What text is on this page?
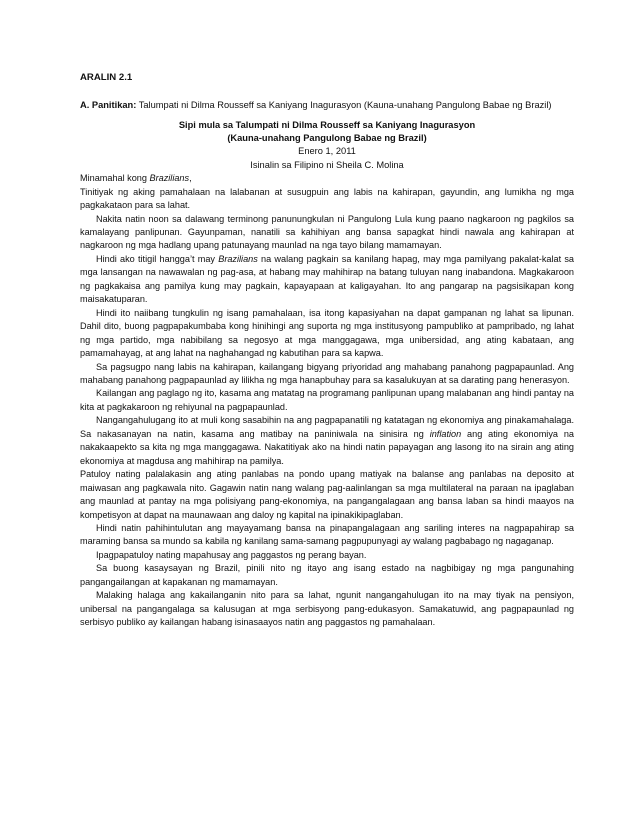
ARALIN 2.1
A. Panitikan: Talumpati ni Dilma Rousseff sa Kaniyang Inagurasyon (Kauna-unahang Pangulong Babae ng Brazil)
Sipi mula sa Talumpati ni Dilma Rousseff sa Kaniyang Inagurasyon
(Kauna-unahang Pangulong Babae ng Brazil)
Enero 1, 2011
Isinalin sa Filipino ni Sheila C. Molina

Minamahal kong Brazilians,

Tinitiyak ng aking pamahalaan na lalabanan at susugpuin ang labis na kahirapan, gayundin, ang lumikha ng mga pagkakataon para sa lahat.

Nakita natin noon sa dalawang terminong panunungkulan ni Pangulong Lula kung paano nagkaroon ng pagkilos sa kamalayang panlipunan. Gayunpaman, nanatili sa kahihiyan ang bansa sapagkat hindi nawala ang kahirapan at nagkaroon ng mga hadlang upang patunayang maunlad na nga tayo bilang mamamayan.

Hindi ako titigil hangga’t may Brazilians na walang pagkain sa kanilang hapag, may mga pamilyang pakalat-kalat sa mga lansangan na nawawalan ng pag-asa, at habang may mahihirap na batang tuluyan nang inabandona. Magkakaroon ng pagkakaisa ang pamilya kung may pagkain, kapayapaan at kaligayahan. Ito ang pangarap na pagsisikapan kong maisakatuparan.

Hindi ito naiibang tungkulin ng isang pamahalaan, isa itong kapasiyahan na dapat gampanan ng lahat sa lipunan. Dahil dito, buong pagpapakumbaba kong hinihingi ang suporta ng mga institusyong pampubliko at pampribado, ng lahat ng mga partido, mga nabibilang sa negosyo at mga manggagawa, mga unibersidad, ang ating kabataan, ang pamamahayag, at ang lahat na naghahangad ng kabutihan para sa kapwa.

Sa pagsugpo nang labis na kahirapan, kailangang bigyang priyoridad ang mahabang panahong pagpapaunlad. Ang mahabang panahong pagpapaunlad ay lilikha ng mga hanapbuhay para sa kasalukuyan at sa darating pang henerasyon.

Kailangan ang paglago ng ito, kasama ang matatag na programang panlipunan upang malabanan ang hindi pantay na kita at pagkakaroon ng rehiyunal na pagpapaunlad.

Nangangahulugang ito at muli kong sasabihin na ang pagpapanatili ng katatagan ng ekonomiya ang pinakamahalaga. Sa nakasanayan na natin, kasama ang matibay na paniniwala na sinisira ng inflation ang ating ekonomiya na nakakaapekto sa kita ng mga manggagawa. Nakatitiyak ako na hindi natin papayagan ang lasong ito na sirain ang ating ekonomiya at magdusa ang mahihirap na pamilya.

Patuloy nating palalakasin ang ating panlabas na pondo upang matiyak na balanse ang panlabas na deposito at maiwasan ang pagkawala nito. Gagawin natin nang walang pag-aalinlangan sa mga multilateral na paraan na ipaglaban ang maunlad at pantay na mga polisiyang pang-ekonomiya, na pangangalagaan ang bansa laban sa hindi maayos na kompetisyon at dapat na maunawaan ang daloy ng kapital na ipinakikipaglaban.

Hindi natin pahihintulutan ang mayayamang bansa na pinapangalagaan ang sariling interes na nagpapahirap sa maraming bansa sa mundo sa kabila ng kanilang sama-samang pagpupunyagi ay walang pagbabago ng nagaganap.

Ipagpapatuloy nating mapahusay ang paggastos ng perang bayan.

Sa buong kasaysayan ng Brazil, pinili nito ng itayo ang isang estado na nagbibigay ng mga pangunahing pangangailangan at kapakanan ng mamamayan.

Malaking halaga ang kakailanganin nito para sa lahat, ngunit nangangahulugan ito na may tiyak na pensiyon, unibersal na pangangalaga sa kalusugan at mga serbisyong pang-edukasyon. Samakatuwid, ang pagpapaunlad ng serbisyo publiko ay kailangan habang isinasaayos natin ang paggastos ng pamahalaan.
